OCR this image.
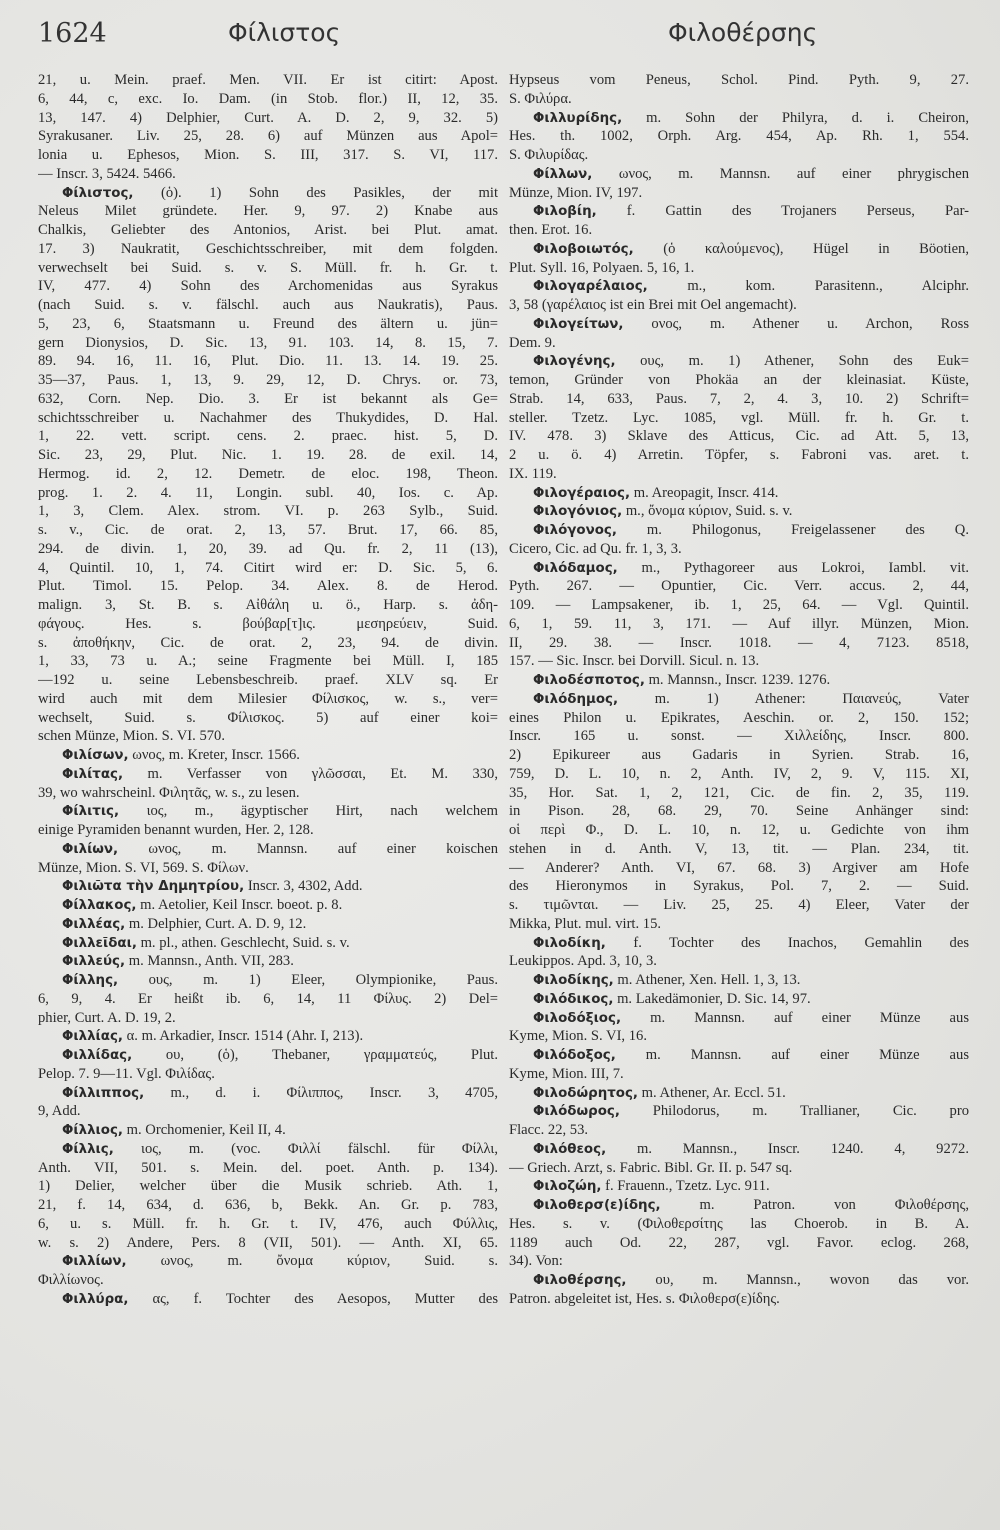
1624	Φίλιστος	Φιλοθέρσης
21, u. Mein. praef. Men. VII. Er ist citirt: Apost.
6, 44, c, exc. Io. Dam. (in Stob. flor.) II, 12, 35.
13, 147. 4) Delphier, Curt. A. D. 2, 9, 32. 5)
Syrakusaner. Liv. 25, 28. 6) auf Münzen aus Apol=
lonia u. Ephesos, Mion. S. III, 317. S. VI, 117.
— Inscr. 3, 5424. 5466.
Φίλιστος, (ὁ). 1) Sohn des Pasikles, der mit
Neleus Milet gründete. Her. 9, 97. 2) Knabe aus
Chalkis, Geliebter des Antonios, Arist. bei Plut. amat.
17. 3) Naukratit, Geschichtsschreiber, mit dem folgden.
verwechselt bei Suid. s. v. S. Müll. fr. h. Gr. t.
IV, 477. 4) Sohn des Archomenidas aus Syrakus
(nach Suid. s. v. fälschl. auch aus Naukratis), Paus.
5, 23, 6, Staatsmann u. Freund des ältern u. jün=
gern Dionysios, D. Sic. 13, 91. 103. 14, 8. 15, 7.
89. 94. 16, 11. 16, Plut. Dio. 11. 13. 14. 19. 25.
35—37, Paus. 1, 13, 9. 29, 12, D. Chrys. or. 73,
632, Corn. Nep. Dio. 3. Er ist bekannt als Ge=
schichtsschreiber u. Nachahmer des Thukydides, D. Hal.
1, 22. vett. script. cens. 2. praec. hist. 5, D.
Sic. 23, 29, Plut. Nic. 1. 19. 28. de exil. 14,
Hermog. id. 2, 12. Demetr. de eloc. 198, Theon.
prog. 1. 2. 4. 11, Longin. subl. 40, Ios. c. Ap.
1, 3, Clem. Alex. strom. VI. p. 263 Sylb., Suid.
s. v., Cic. de orat. 2, 13, 57. Brut. 17, 66. 85,
294. de divin. 1, 20, 39. ad Qu. fr. 2, 11 (13),
4, Quintil. 10, 1, 74. Citirt wird er: D. Sic. 5, 6.
Plut. Timol. 15. Pelop. 34. Alex. 8. de Herod.
malign. 3, St. B. s. Αἰθάλη u. ö., Harp. s. ἀδη-
φάγους. Hes. s. βούβαρ[τ]ις. μεσηρεύειν, Suid.
s. ἀποθήκην, Cic. de orat. 2, 23, 94. de divin.
1, 33, 73 u. A.; seine Fragmente bei Müll. I, 185
—192 u. seine Lebensbeschreib. praef. XLV sq. Er
wird auch mit dem Milesier Φίλισκος, w. s., ver=
wechselt, Suid. s. Φίλισκος. 5) auf einer koi=
schen Münze, Mion. S. VI. 570.
Φιλίσων, ωνος, m. Kreter, Inscr. 1566.
Φιλίτας, m. Verfasser von γλῶσσαι, Et. M. 330,
39, wo wahrscheinl. Φιλητᾶς, w. s., zu lesen.
Φίλιτις, ιος, m., ägyptischer Hirt, nach welchem
einige Pyramiden benannt wurden, Her. 2, 128.
Φιλίων, ωνος, m. Mannsn. auf einer koischen
Münze, Mion. S. VI, 569. S. Φίλων.
Φιλιῶτα τὴν Δημητρίου, Inscr. 3, 4302, Add.
Φίλλακος, m. Aetolier, Keil Inscr. boeot. p. 8.
Φιλλέας, m. Delphier, Curt. A. D. 9, 12.
Φιλλεῖδαι, m. pl., athen. Geschlecht, Suid. s. v.
Φιλλεύς, m. Mannsn., Anth. VII, 283.
Φίλλης, ους, m. 1) Eleer, Olympionike, Paus.
6, 9, 4. Er heißt ib. 6, 14, 11 Φίλυς. 2) Del=
phier, Curt. A. D. 19, 2.
Φιλλίας, α. m. Arkadier, Inscr. 1514 (Ahr. I, 213).
Φιλλίδας, ου, (ὁ), Thebaner, γραμματεύς, Plut.
Pelop. 7. 9—11. Vgl. Φιλίδας.
Φίλλιππος, m., d. i. Φίλιππος, Inscr. 3, 4705,
9, Add.
Φίλλιος, m. Orchomenier, Keil II, 4.
Φίλλις, ιος, m. (voc. Φιλλί fälschl. für Φίλλι,
Anth. VII, 501. s. Mein. del. poet. Anth. p. 134).
1) Delier, welcher über die Musik schrieb. Ath. 1,
21, f. 14, 634, d. 636, b, Bekk. An. Gr. p. 783,
6, u. s. Müll. fr. h. Gr. t. IV, 476, auch Φύλλις,
w. s. 2) Andere, Pers. 8 (VII, 501). — Anth. XI, 65.
Φιλλίων, ωνος, m. ὄνομα κύριον, Suid. s.
Φιλλίωνος.
Φιλλύρα, ας, f. Tochter des Aesopos, Mutter des
Hypseus vom Peneus, Schol. Pind. Pyth. 9, 27.
S. Φιλύρα.
Φιλλυρίδης, m. Sohn der Philyra, d. i. Cheiron,
Hes. th. 1002, Orph. Arg. 454, Ap. Rh. 1, 554.
S. Φιλυρίδας.
Φίλλων, ωνος, m. Mannsn. auf einer phrygischen
Münze, Mion. IV, 197.
Φιλοβίη, f. Gattin des Trojaners Perseus, Par-
then. Erot. 16.
Φιλοβοιωτός, (ὁ καλούμενος), Hügel in Böotien,
Plut. Syll. 16, Polyaen. 5, 16, 1.
Φιλογαρέλαιος, m., kom. Parasitenn., Alciphr.
3, 58 (γαρέλαιος ist ein Brei mit Oel angemacht).
Φιλογείτων, ονος, m. Athener u. Archon, Ross
Dem. 9.
Φιλογένης, ους, m. 1) Athener, Sohn des Euk=
temon, Gründer von Phokäa an der kleinasiat. Küste,
Strab. 14, 633, Paus. 7, 2, 4. 3, 10. 2) Schrift=
steller. Tzetz. Lyc. 1085, vgl. Müll. fr. h. Gr. t.
IV. 478. 3) Sklave des Atticus, Cic. ad Att. 5, 13,
2 u. ö. 4) Arretin. Töpfer, s. Fabroni vas. aret. t.
IX. 119.
Φιλογέραιος, m. Areopagit, Inscr. 414.
Φιλογόνιος, m., ὄνομα κύριον, Suid. s. v.
Φιλόγονος, m. Philogonus, Freigelassener des Q.
Cicero, Cic. ad Qu. fr. 1, 3, 3.
Φιλόδαμος, m., Pythagoreer aus Lokroi, Iambl. vit.
Pyth. 267. — Opuntier, Cic. Verr. accus. 2, 44,
109. — Lampsakener, ib. 1, 25, 64. — Vgl. Quintil.
6, 1, 59. 11, 3, 171. — Auf illyr. Münzen, Mion.
II, 29. 38. — Inscr. 1018. — 4, 7123. 8518,
157. — Sic. Inscr. bei Dorvill. Sicul. n. 13.
Φιλοδέσποτος, m. Mannsn., Inscr. 1239. 1276.
Φιλόδημος, m. 1) Athener: Παιανεύς, Vater
eines Philon u. Epikrates, Aeschin. or. 2, 150. 152;
Inscr. 165 u. sonst. — Χιλλείδης, Inscr. 800.
2) Epikureer aus Gadaris in Syrien. Strab. 16,
759, D. L. 10, n. 2, Anth. IV, 2, 9. V, 115. XI,
35, Hor. Sat. 1, 2, 121, Cic. de fin. 2, 35, 119.
in Pison. 28, 68. 29, 70. Seine Anhänger sind:
οἱ περὶ Φ., D. L. 10, n. 12, u. Gedichte von ihm
stehen in d. Anth. V, 13, tit. — Plan. 234, tit.
— Anderer? Anth. VI, 67. 68. 3) Argiver am Hofe
des Hieronymos in Syrakus, Pol. 7, 2. — Suid.
s. τιμῶνται. — Liv. 25, 25. 4) Eleer, Vater der
Mikka, Plut. mul. virt. 15.
Φιλοδίκη, f. Tochter des Inachos, Gemahlin des
Leukippos. Apd. 3, 10, 3.
Φιλοδίκης, m. Athener, Xen. Hell. 1, 3, 13.
Φιλόδικος, m. Lakedämonier, D. Sic. 14, 97.
Φιλοδόξιος, m. Mannsn. auf einer Münze aus
Kyme, Mion. S. VI, 16.
Φιλόδοξος, m. Mannsn. auf einer Münze aus
Kyme, Mion. III, 7.
Φιλοδώρητος, m. Athener, Ar. Eccl. 51.
Φιλόδωρος, Philodorus, m. Trallianer, Cic. pro
Flacc. 22, 53.
Φιλόθεος, m. Mannsn., Inscr. 1240. 4, 9272.
— Griech. Arzt, s. Fabric. Bibl. Gr. II. p. 547 sq.
Φιλοζώη, f. Frauenn., Tzetz. Lyc. 911.
Φιλοθερσ(ε)ίδης, m. Patron. von Φιλοθέρσης,
Hes. s. v. (Φιλοθερσίτης las Choerob. in B. A.
1189 auch Od. 22, 287, vgl. Favor. eclog. 268,
34). Von:
Φιλοθέρσης, ου, m. Mannsn., wovon das vor.
Patron. abgeleitet ist, Hes. s. Φιλοθερσ(ε)ίδης.
